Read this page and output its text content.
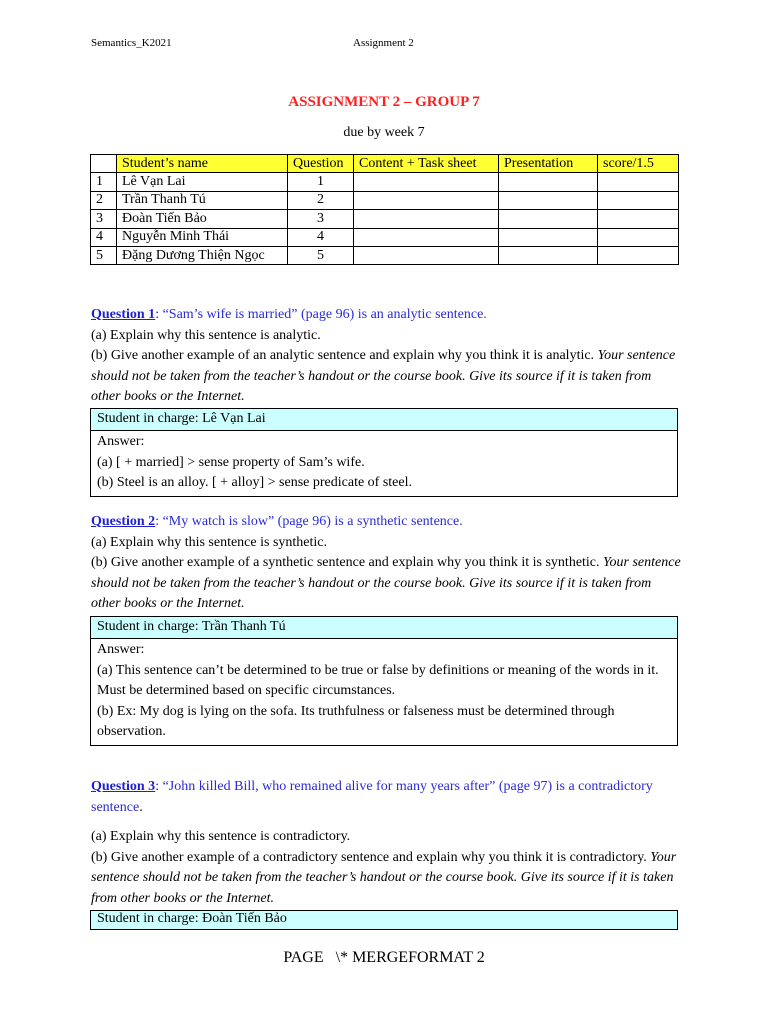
Semantics_K2021	Assignment 2
ASSIGNMENT 2 – GROUP 7
due by week 7
	Student’s name	Question	Content + Task sheet	Presentation	score/1.5
1	Lê Vạn Lai	1			
2	Trần Thanh Tú	2			
3	Đoàn Tiến Bảo	3			
4	Nguyễn Minh Thái	4			
5	Đặng Dương Thiện Ngọc	5			
Question 1: “Sam’s wife is married” (page 96) is an analytic sentence.
(a) Explain why this sentence is analytic.
(b) Give another example of an analytic sentence and explain why you think it is analytic. Your sentence should not be taken from the teacher’s handout or the course book. Give its source if it is taken from other books or the Internet.
Student in charge: Lê Vạn Lai
Answer:
(a) [ + married] > sense property of Sam’s wife.
(b) Steel is an alloy. [ + alloy] > sense predicate of steel.
Question 2: “My watch is slow” (page 96) is a synthetic sentence.
(a) Explain why this sentence is synthetic.
(b) Give another example of a synthetic sentence and explain why you think it is synthetic. Your sentence should not be taken from the teacher’s handout or the course book. Give its source if it is taken from other books or the Internet.
Student in charge: Trần Thanh Tú
Answer:
(a) This sentence can’t be determined to be true or false by definitions or meaning of the words in it. Must be determined based on specific circumstances.
(b) Ex: My dog is lying on the sofa. Its truthfulness or falseness must be determined through observation.
Question 3: “John killed Bill, who remained alive for many years after” (page 97) is a contradictory sentence.
(a) Explain why this sentence is contradictory.
(b) Give another example of a contradictory sentence and explain why you think it is contradictory. Your sentence should not be taken from the teacher’s handout or the course book. Give its source if it is taken from other books or the Internet.
Student in charge: Đoàn Tiến Bảo
PAGE   \* MERGEFORMAT 2
